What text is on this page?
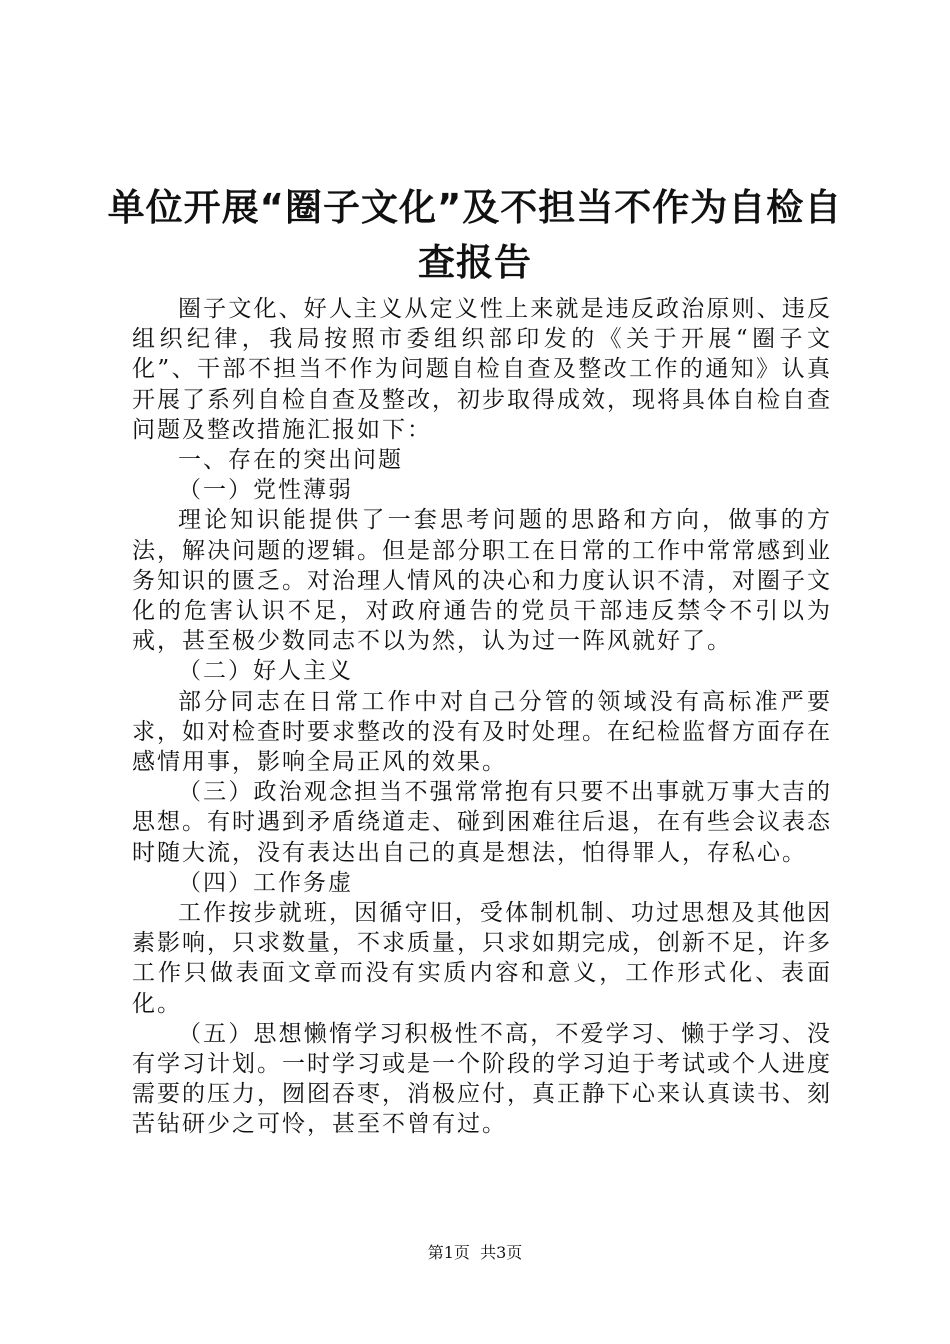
单位开展“圈子文化”及不担当不作为自检自
查报告

圈子文化、好人主义从定义性上来就是违反政治原则、违反组织纪律，我局按照市委组织部印发的《关于开展“圈子文化”、干部不担当不作为问题自检自查及整改工作的通知》认真开展了系列自检自查及整改，初步取得成效，现将具体自检自查问题及整改措施汇报如下：

一、存在的突出问题

（一）党性薄弱

理论知识能提供了一套思考问题的思路和方向，做事的方法，解决问题的逻辑。但是部分职工在日常的工作中常常感到业务知识的匮乏。对治理人情风的决心和力度认识不清，对圈子文化的危害认识不足，对政府通告的党员干部违反禁令不引以为戒，甚至极少数同志不以为然，认为过一阵风就好了。

（二）好人主义

部分同志在日常工作中对自己分管的领域没有高标准严要求，如对检查时要求整改的没有及时处理。在纪检监督方面存在感情用事，影响全局正风的效果。

（三）政治观念担当不强常常抱有只要不出事就万事大吉的思想。有时遇到矛盾绕道走、碰到困难往后退，在有些会议表态时随大流，没有表达出自己的真是想法，怕得罪人，存私心。

（四）工作务虚

工作按步就班，因循守旧，受体制机制、功过思想及其他因素影响，只求数量，不求质量，只求如期完成，创新不足，许多工作只做表面文章而没有实质内容和意义，工作形式化、表面化。

（五）思想懒惰学习积极性不高，不爱学习、懒于学习、没有学习计划。一时学习或是一个阶段的学习迫于考试或个人进度需要的压力，囫囵吞枣，消极应付，真正静下心来认真读书、刻苦钻研少之可怜，甚至不曾有过。

第1页 共3页
